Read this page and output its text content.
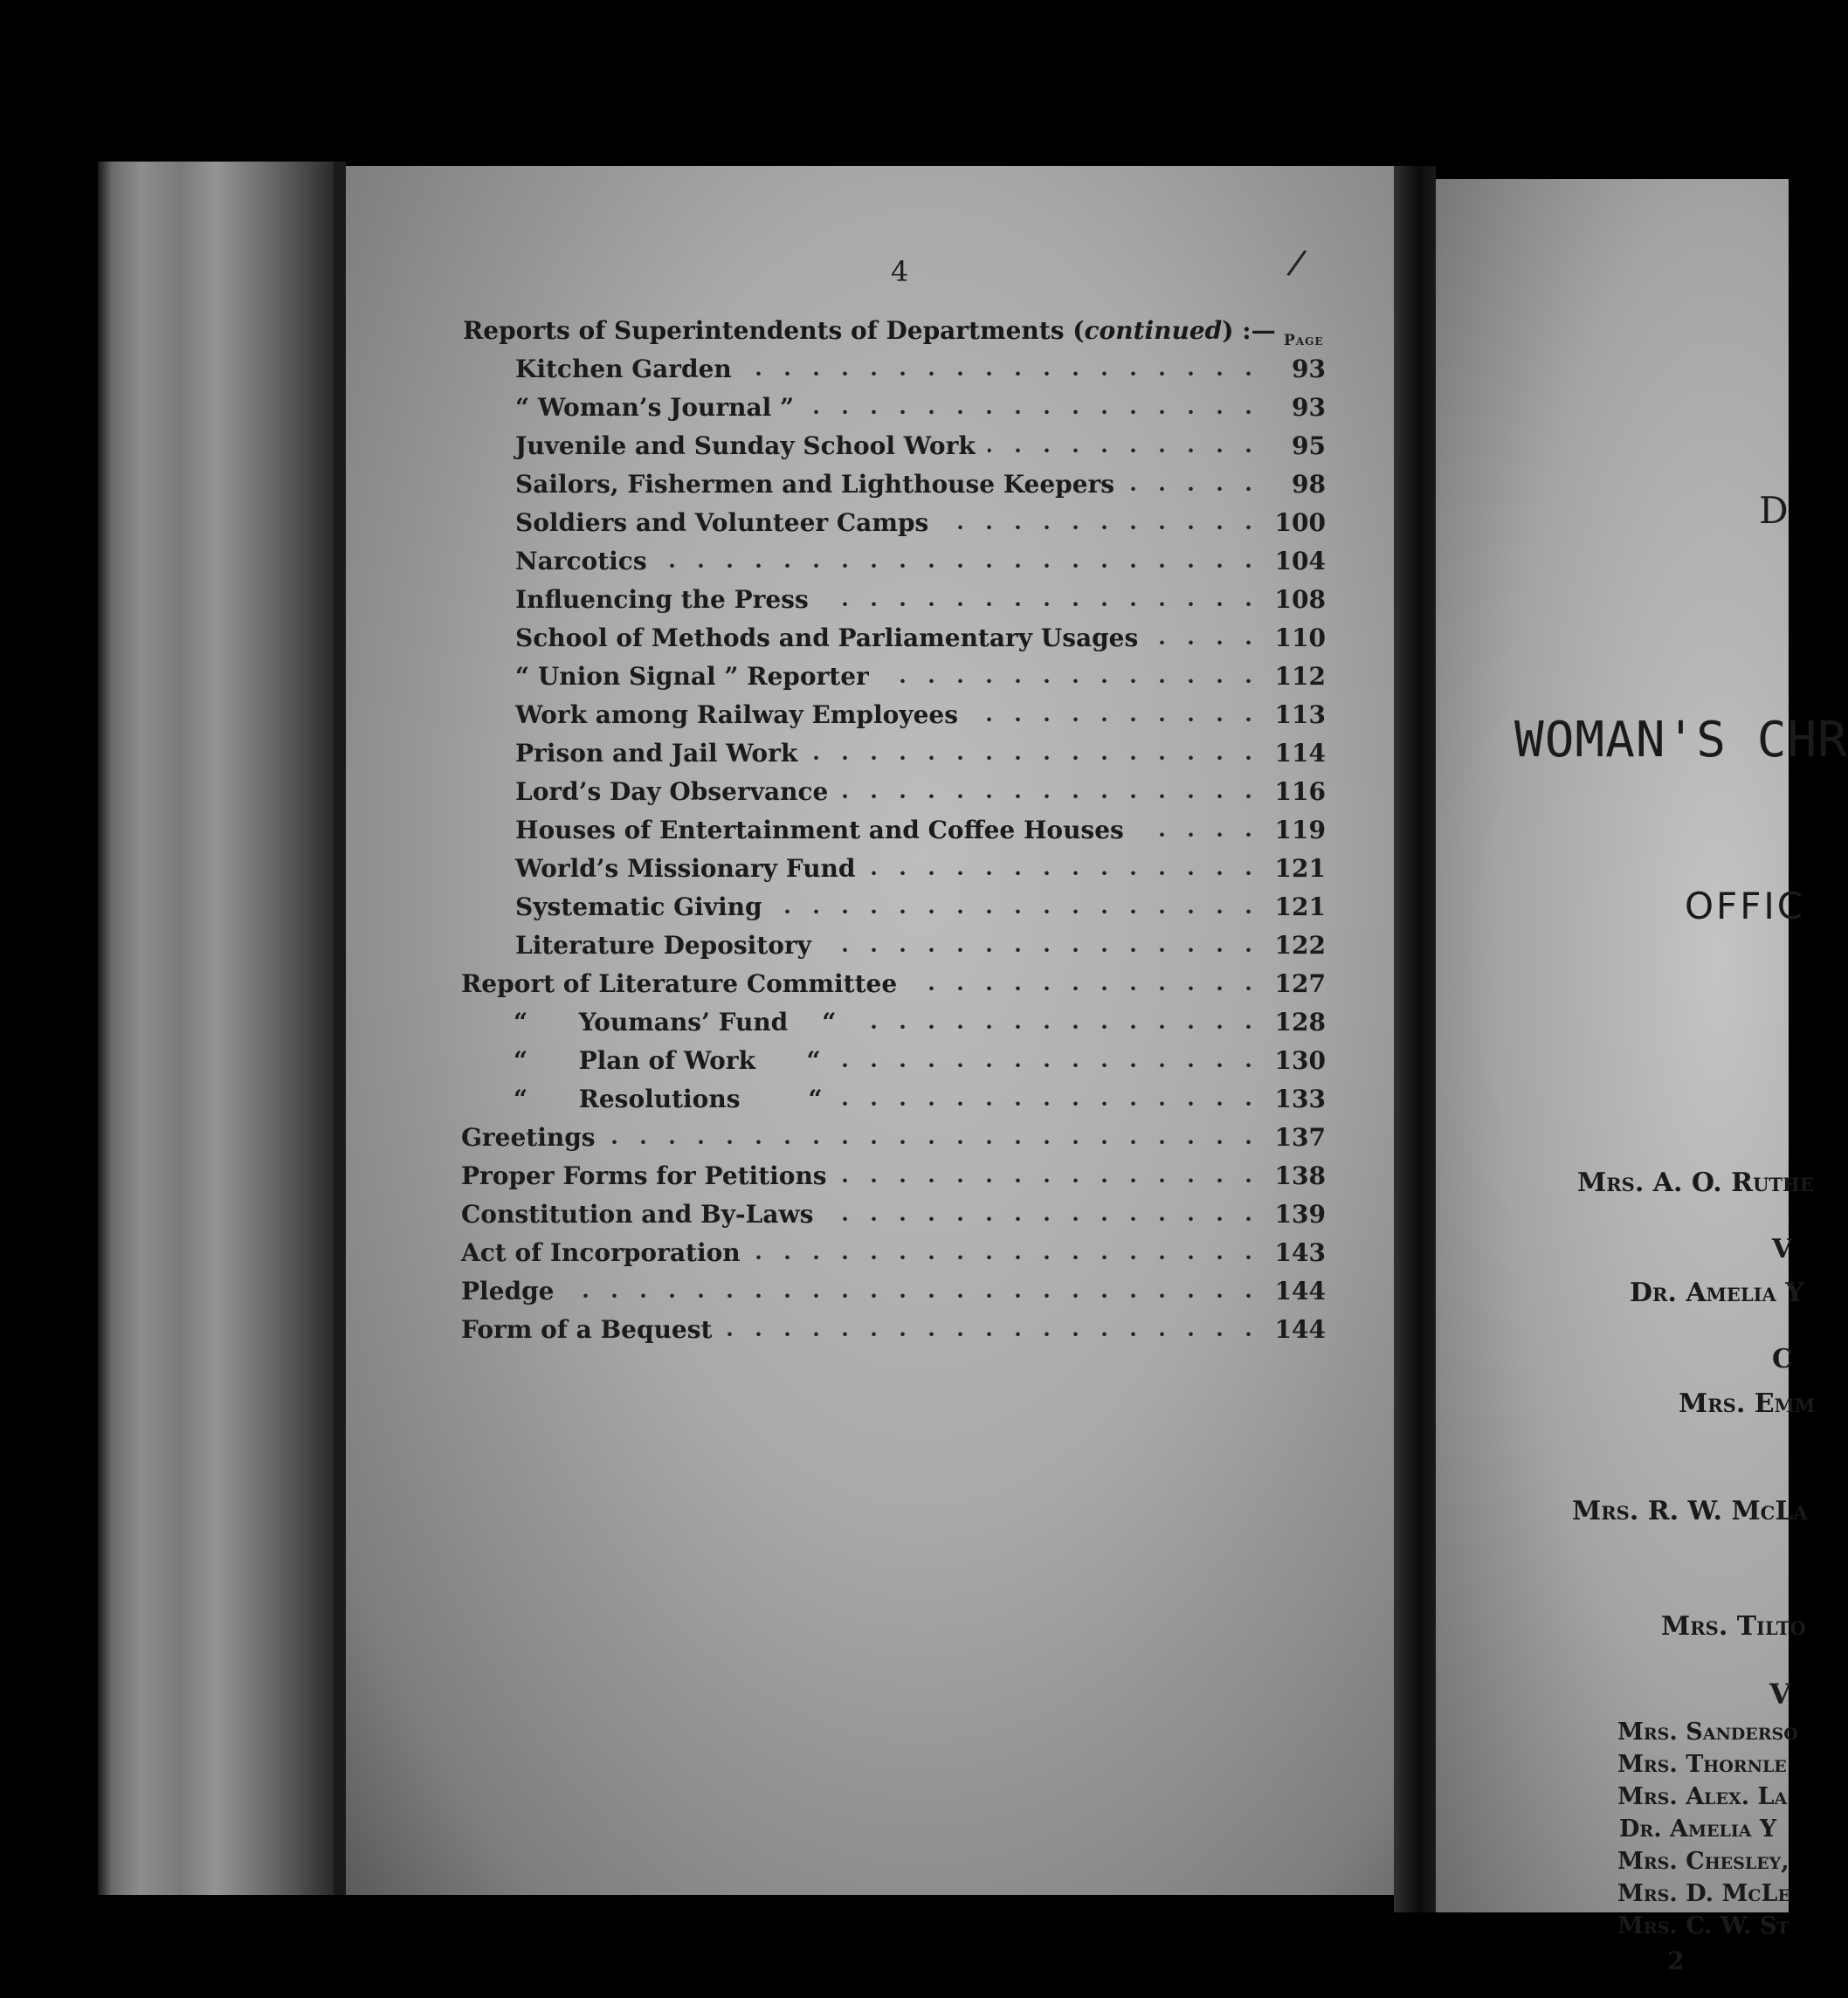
4	/
Reports of Superintendents of Departments (continued) :— Page
Kitchen Garden	93
“ Woman’s Journal ”	93
Juvenile and Sunday School Work	95
Sailors, Fishermen and Lighthouse Keepers	98
Soldiers and Volunteer Camps	100
Narcotics	104
Influencing the Press	108
School of Methods and Parliamentary Usages	110
“ Union Signal ” Reporter	112
Work among Railway Employees	113
Prison and Jail Work	114
Lord’s Day Observance	116
Houses of Entertainment and Coffee Houses	119
World’s Missionary Fund	121
Systematic Giving	121
Literature Depository	122
Report of Literature Committee	127
“      Youmans’ Fund    “	128
“      Plan of Work      “	130
“      Resolutions        “	133
Greetings	137
Proper Forms for Petitions	138
Constitution and By-Laws	139
Act of Incorporation	143
Pledge	144
Form of a Bequest	144
D
WOMAN'S CHR
OFFIC
Mrs. A. O. Ruthe
V
Dr. Amelia Y
C
Mrs. Emm
Mrs. R. W. McLa
Mrs. Tilto
V
Mrs. Sanderso
Mrs. Thornle
Mrs. Alex. La
Dr. Amelia Y
Mrs. Chesley,
Mrs. D. McLe
Mrs. C. W. St
2
